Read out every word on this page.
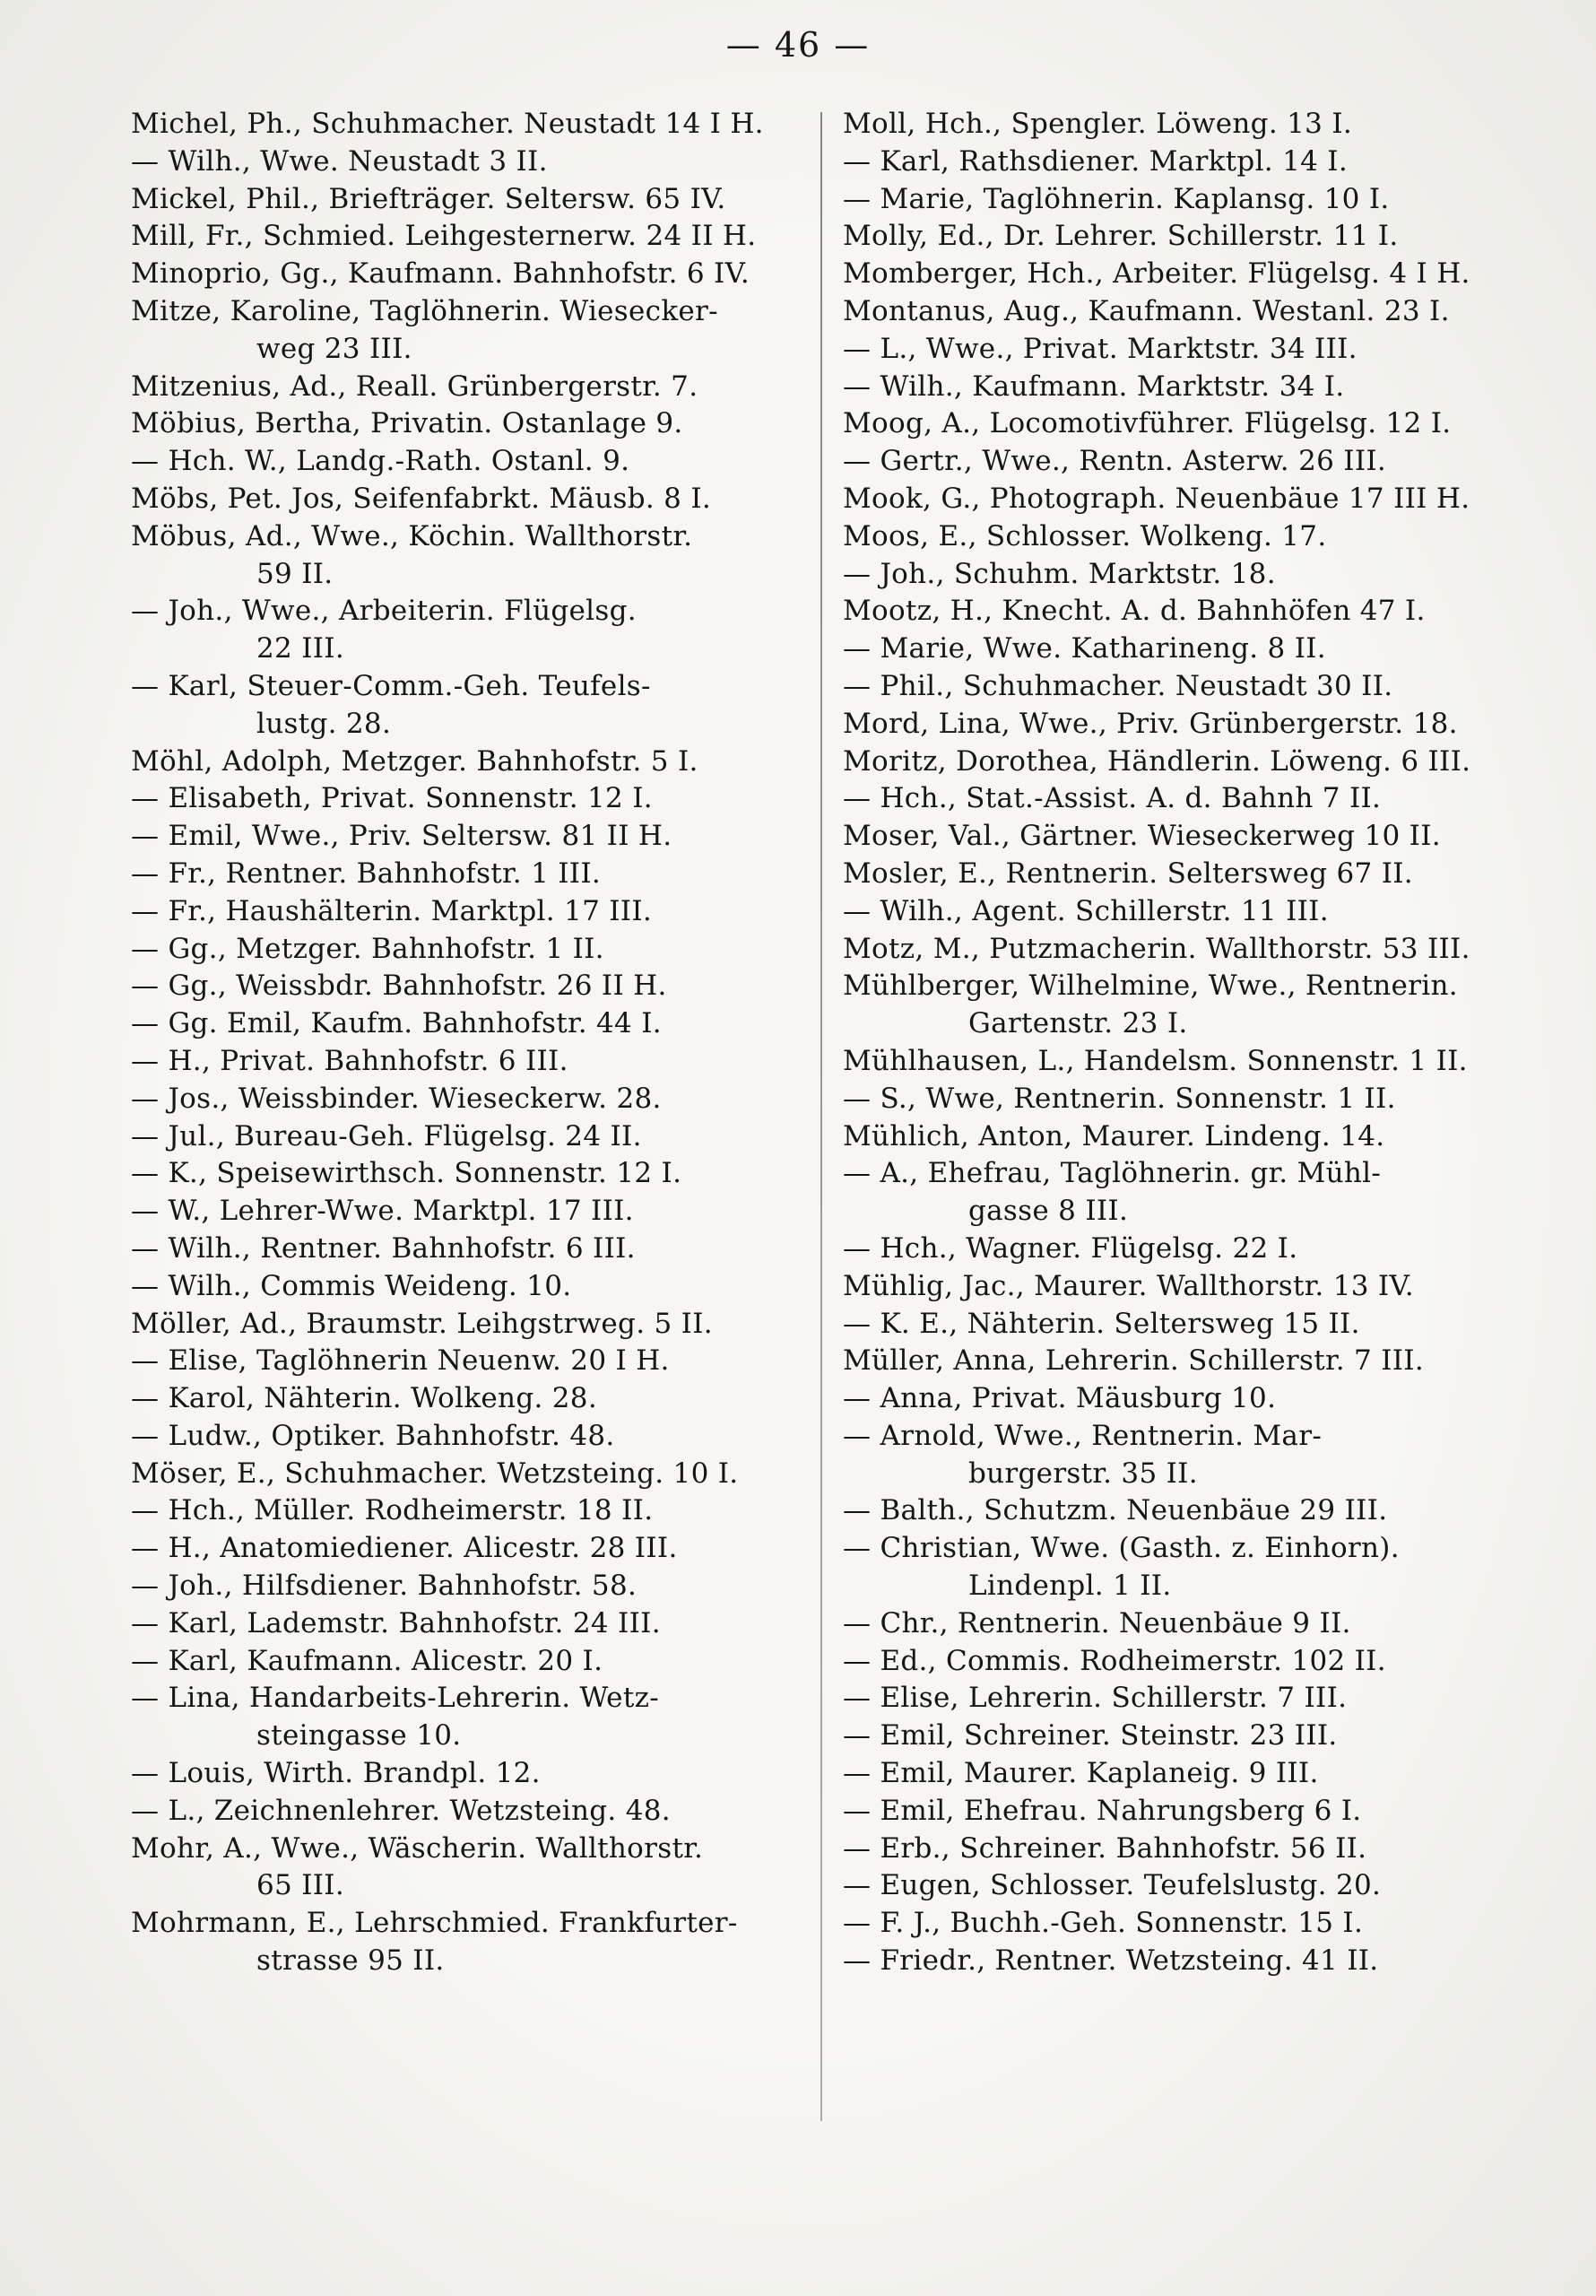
— 46 —
Michel, Ph., Schuhmacher. Neustadt 14 I H.
— Wilh., Wwe. Neustadt 3 II.
Mickel, Phil., Briefträger. Seltersw. 65 IV.
Mill, Fr., Schmied. Leihgesternerw. 24 II H.
Minoprio, Gg., Kaufmann. Bahnhofstr. 6 IV.
Mitze, Karoline, Taglöhnerin. Wiesecker-
weg 23 III.
Mitzenius, Ad., Reall. Grünbergerstr. 7.
Möbius, Bertha, Privatin. Ostanlage 9.
— Hch. W., Landg.-Rath. Ostanl. 9.
Möbs, Pet. Jos, Seifenfabrkt. Mäusb. 8 I.
Möbus, Ad., Wwe., Köchin. Wallthorstr.
59 II.
— Joh., Wwe., Arbeiterin. Flügelsg.
22 III.
— Karl, Steuer-Comm.-Geh. Teufels-
lustg. 28.
Möhl, Adolph, Metzger. Bahnhofstr. 5 I.
— Elisabeth, Privat. Sonnenstr. 12 I.
— Emil, Wwe., Priv. Seltersw. 81 II H.
— Fr., Rentner. Bahnhofstr. 1 III.
— Fr., Haushälterin. Marktpl. 17 III.
— Gg., Metzger. Bahnhofstr. 1 II.
— Gg., Weissbdr. Bahnhofstr. 26 II H.
— Gg. Emil, Kaufm. Bahnhofstr. 44 I.
— H., Privat. Bahnhofstr. 6 III.
— Jos., Weissbinder. Wieseckerw. 28.
— Jul., Bureau-Geh. Flügelsg. 24 II.
— K., Speisewirthsch. Sonnenstr. 12 I.
— W., Lehrer-Wwe. Marktpl. 17 III.
— Wilh., Rentner. Bahnhofstr. 6 III.
— Wilh., Commis Weideng. 10.
Möller, Ad., Braumstr. Leihgstrweg. 5 II.
— Elise, Taglöhnerin Neuenw. 20 I H.
— Karol, Nähterin. Wolkeng. 28.
— Ludw., Optiker. Bahnhofstr. 48.
Möser, E., Schuhmacher. Wetzsteing. 10 I.
— Hch., Müller. Rodheimerstr. 18 II.
— H., Anatomiediener. Alicestr. 28 III.
— Joh., Hilfsdiener. Bahnhofstr. 58.
— Karl, Lademstr. Bahnhofstr. 24 III.
— Karl, Kaufmann. Alicestr. 20 I.
— Lina, Handarbeits-Lehrerin. Wetz-
steingasse 10.
— Louis, Wirth. Brandpl. 12.
— L., Zeichnenlehrer. Wetzsteing. 48.
Mohr, A., Wwe., Wäscherin. Wallthorstr.
65 III.
Mohrmann, E., Lehrschmied. Frankfurter-
strasse 95 II.
Moll, Hch., Spengler. Löweng. 13 I.
— Karl, Rathsdiener. Marktpl. 14 I.
— Marie, Taglöhnerin. Kaplansg. 10 I.
Molly, Ed., Dr. Lehrer. Schillerstr. 11 I.
Momberger, Hch., Arbeiter. Flügelsg. 4 I H.
Montanus, Aug., Kaufmann. Westanl. 23 I.
— L., Wwe., Privat. Marktstr. 34 III.
— Wilh., Kaufmann. Marktstr. 34 I.
Moog, A., Locomotivführer. Flügelsg. 12 I.
— Gertr., Wwe., Rentn. Asterw. 26 III.
Mook, G., Photograph. Neuenbäue 17 III H.
Moos, E., Schlosser. Wolkeng. 17.
— Joh., Schuhm. Marktstr. 18.
Mootz, H., Knecht. A. d. Bahnhöfen 47 I.
— Marie, Wwe. Katharineng. 8 II.
— Phil., Schuhmacher. Neustadt 30 II.
Mord, Lina, Wwe., Priv. Grünbergerstr. 18.
Moritz, Dorothea, Händlerin. Löweng. 6 III.
— Hch., Stat.-Assist. A. d. Bahnh 7 II.
Moser, Val., Gärtner. Wieseckerweg 10 II.
Mosler, E., Rentnerin. Seltersweg 67 II.
— Wilh., Agent. Schillerstr. 11 III.
Motz, M., Putzmacherin. Wallthorstr. 53 III.
Mühlberger, Wilhelmine, Wwe., Rentnerin.
Gartenstr. 23 I.
Mühlhausen, L., Handelsm. Sonnenstr. 1 II.
— S., Wwe, Rentnerin. Sonnenstr. 1 II.
Mühlich, Anton, Maurer. Lindeng. 14.
— A., Ehefrau, Taglöhnerin. gr. Mühl-
gasse 8 III.
— Hch., Wagner. Flügelsg. 22 I.
Mühlig, Jac., Maurer. Wallthorstr. 13 IV.
— K. E., Nähterin. Seltersweg 15 II.
Müller, Anna, Lehrerin. Schillerstr. 7 III.
— Anna, Privat. Mäusburg 10.
— Arnold, Wwe., Rentnerin. Mar-
burgerstr. 35 II.
— Balth., Schutzm. Neuenbäue 29 III.
— Christian, Wwe. (Gasth. z. Einhorn).
Lindenpl. 1 II.
— Chr., Rentnerin. Neuenbäue 9 II.
— Ed., Commis. Rodheimerstr. 102 II.
— Elise, Lehrerin. Schillerstr. 7 III.
— Emil, Schreiner. Steinstr. 23 III.
— Emil, Maurer. Kaplaneig. 9 III.
— Emil, Ehefrau. Nahrungsberg 6 I.
— Erb., Schreiner. Bahnhofstr. 56 II.
— Eugen, Schlosser. Teufelslustg. 20.
— F. J., Buchh.-Geh. Sonnenstr. 15 I.
— Friedr., Rentner. Wetzsteing. 41 II.
